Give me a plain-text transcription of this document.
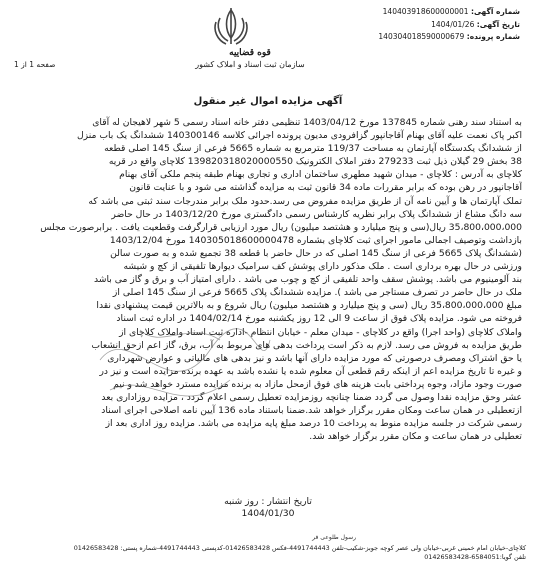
قوه قضاییه
سازمان ثبت اسناد و املاک کشور
شماره آگهی: 140403918600000001
تاریخ آگهی: 1404/01/26
شماره پرونده: 140304018590000679
صفحه 1 از 1
آگهی مزایده اموال غیر منقول
به استناد سند رهنی شماره 137845 مورخ 1403/04/12 تنظیمی دفتر خانه اسناد رسمی 5 شهر لاهیجان له آقای
اکبر پاک نعمت علیه آقای بهنام آقاجانپور گزافرودی مدیون پرونده اجرائی کلاسه 140300146 ششدانگ یک باب منزل
از ششدانگ یکدستگاه آپارتمان به مساحت 119/37 مترمربع به شماره 5665 فرعی از سنگ 145 اصلی قطعه
38 بخش 29 گیلان ذیل ثبت 279233 دفتر املاک الکترونیک 139820318020000550 کلاچای واقع در قریه
کلاچای به آدرس : کلاچای - میدان شهید مطهری ساختمان اداری و تجاری بهنام طبقه پنجم ملکی آقای بهنام
آقاجانپور در رهن بوده که برابر مقررات ماده 34 قانون ثبت به مزایده گذاشته می شود و با عنایت قانون
تملک آپارتمان ها و آیین نامه آن از طریق مزایده مفروض می رسد.حدود ملک برابر مندرجات سند ثبتی می باشد که
سه دانگ مشاع از ششدانگ پلاک برابر نظریه کارشناس رسمی دادگستری مورخ 1403/12/20 در حال حاضر
35،800،000،000 ریال(سی و پنج میلیارد و هشتصد میلیون) ریال مورد ارزیابی قرارگرفت وقطعیت یافت . برابرصورت مجلس
بازداشت وتوصیف اجمالی مامور اجرای ثبت کلاچای بشماره 140305018600000478 مورخ 1403/12/04
(ششدانگ پلاک 5665 فرعی از سنگ 145 اصلی که در حال حاضر با قطعه 38 تجمیع شده و به صورت سالن
ورزشی در حال بهره برداری است . ملک مذکور دارای پوشش کف سرامیک دیوارها تلفیقی از کچ و شیشه
بند آلومینیوم می باشد. پوشش سقف واحد تلفیقی از کچ و چوب می باشد . دارای امتیاز آب و برق و گاز می باشد
ملک در حال حاضر در تصرف مستاجر می باشد ). مزایده ششدانگ پلاک 5665 فرعی از سنگ 145 اصلی از
مبلغ 35،800،000،000 ریال (سی و پنج میلیارد و هشتصد میلیون) ریال شروع و به بالاترین قیمت پیشنهادی نقدا
فروخته می شود. مزایده پلاک فوق از ساعت 9 الی 12 روز یکشنبه مورخ 1404/02/14 در اداره ثبت اسناد
واملاک کلاچای (واحد اجرا) واقع در کلاچای - میدان معلم - خیابان انتظام -اداره ثبت اسناد واملاک کلاچای از
طریق مزایده به فروش می رسد. لازم به ذکر است پرداخت بدهی های مربوط به آب، برق، گاز اعم ازحق انشعاب
یا حق اشتراک ومصرف درصورتی که مورد مزایده دارای آنها باشد و نیز بدهی های مالیاتی و عوارض شهرداری
و غیره تا تاریخ مزایده اعم از اینکه رقم قطعی آن معلوم شده یا نشده باشد به عهده برنده مزایده است و نیز در
صورت وجود مازاد، وجوه پرداختی بابت هزینه های فوق ازمحل مازاد به برنده مزایده مسترد خواهد شد و نیم
عشر وحق مزایده نقدا وصول می گردد ضمنا چنانچه روزمزایده تعطیل رسمی اعلام گردد ، مزایده روزاداری بعد
ازتعطیلی در همان ساعت ومکان مقرر برگزار خواهد شد.ضمنا باستناد ماده 136 آیین نامه اصلاحی اجرای اسناد
رسمی شرکت در جلسه مزایده منوط به پرداخت 10 درصد مبلغ پایه مزایده می باشد. مزایده روز اداری بعد از
تعطیلی در همان ساعت و مکان مقرر برگزار خواهد شد.
تاریخ انتشار : روز شنبه
1404/01/30
رسول طلوعی فر
کلاچای-خیابان امام خمینی غربی-خیابان ولی عصر کوچه جوبز-شکیب-تلفن 4491744443-فکس 01426583428-کدپستی 4491744443-شماره پستی: 01426583428
تلفن گویا:6584051-01426583428
